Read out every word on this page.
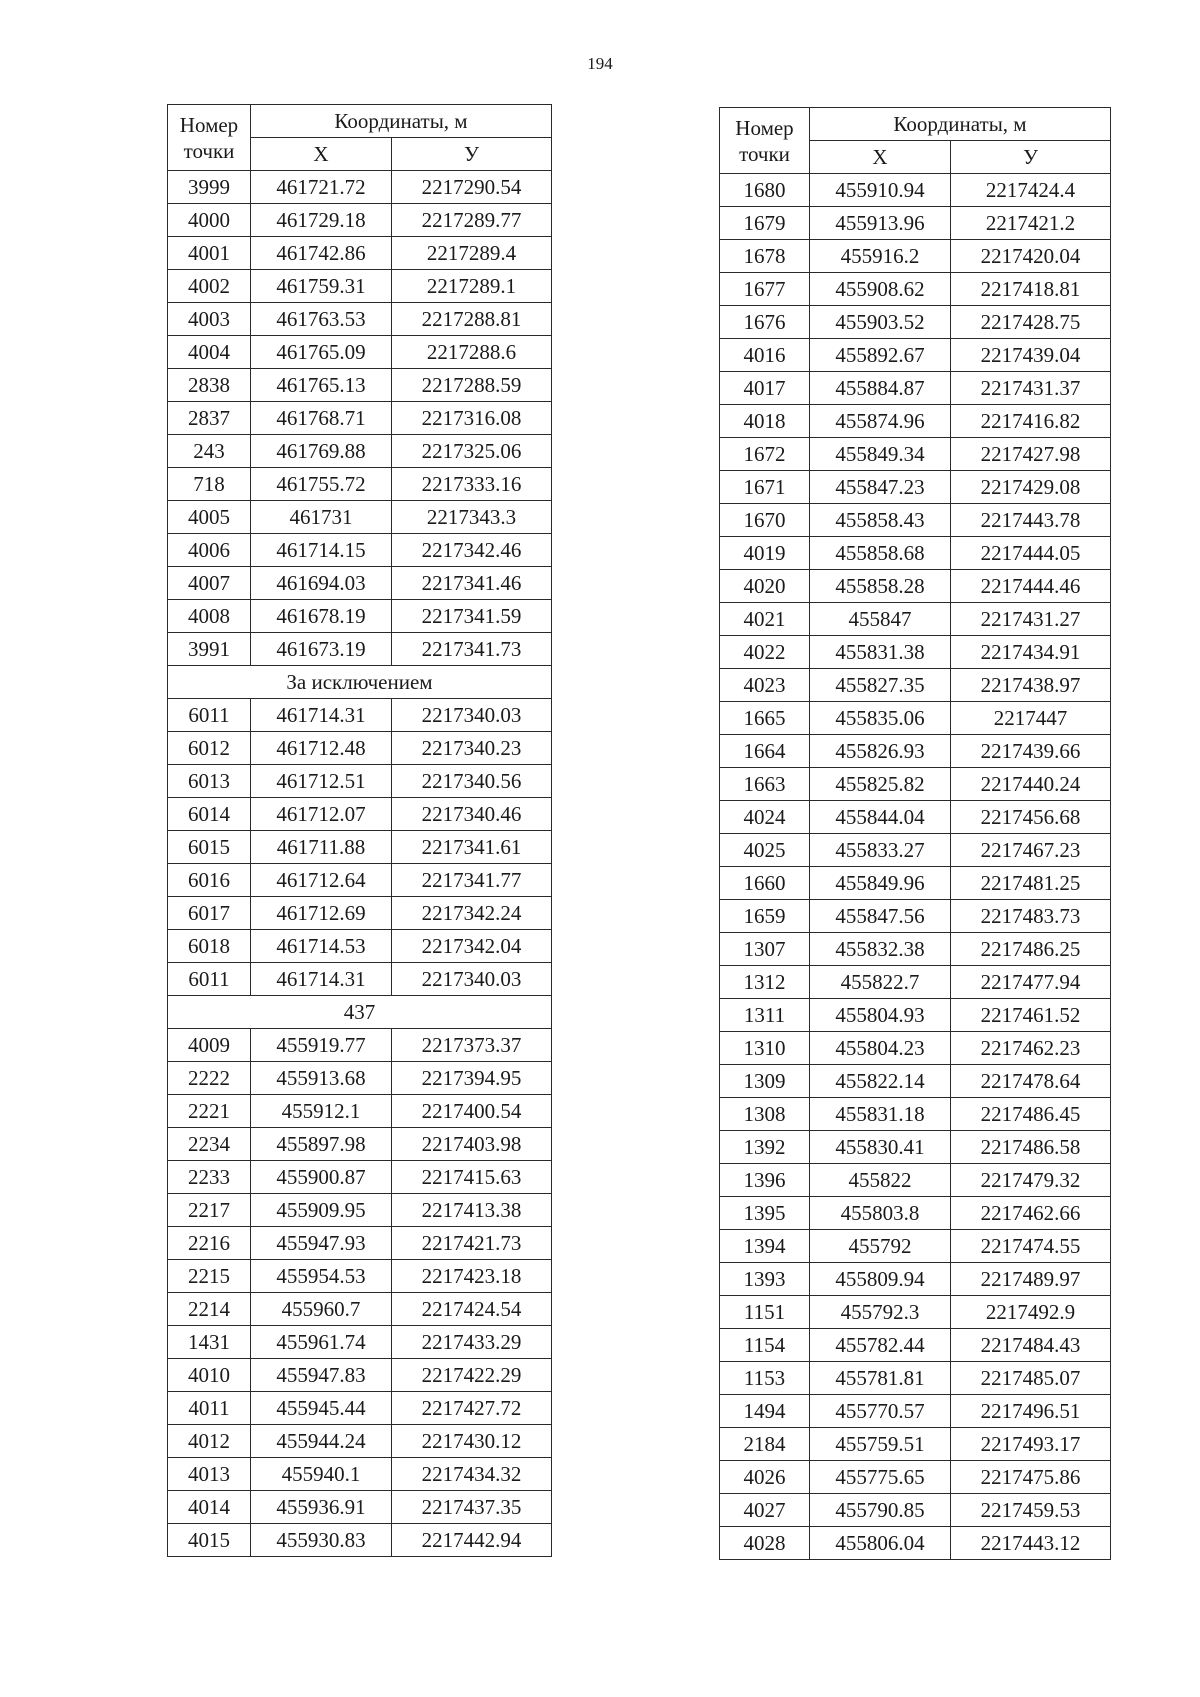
194
Номер точки	Координаты, м	
	X	У
3999	461721.72	2217290.54
4000	461729.18	2217289.77
4001	461742.86	2217289.4
4002	461759.31	2217289.1
4003	461763.53	2217288.81
4004	461765.09	2217288.6
2838	461765.13	2217288.59
2837	461768.71	2217316.08
243	461769.88	2217325.06
718	461755.72	2217333.16
4005	461731	2217343.3
4006	461714.15	2217342.46
4007	461694.03	2217341.46
4008	461678.19	2217341.59
3991	461673.19	2217341.73
За исключением		
6011	461714.31	2217340.03
6012	461712.48	2217340.23
6013	461712.51	2217340.56
6014	461712.07	2217340.46
6015	461711.88	2217341.61
6016	461712.64	2217341.77
6017	461712.69	2217342.24
6018	461714.53	2217342.04
6011	461714.31	2217340.03
437		
4009	455919.77	2217373.37
2222	455913.68	2217394.95
2221	455912.1	2217400.54
2234	455897.98	2217403.98
2233	455900.87	2217415.63
2217	455909.95	2217413.38
2216	455947.93	2217421.73
2215	455954.53	2217423.18
2214	455960.7	2217424.54
1431	455961.74	2217433.29
4010	455947.83	2217422.29
4011	455945.44	2217427.72
4012	455944.24	2217430.12
4013	455940.1	2217434.32
4014	455936.91	2217437.35
4015	455930.83	2217442.94
Номер точки	Координаты, м	
	X	У
1680	455910.94	2217424.4
1679	455913.96	2217421.2
1678	455916.2	2217420.04
1677	455908.62	2217418.81
1676	455903.52	2217428.75
4016	455892.67	2217439.04
4017	455884.87	2217431.37
4018	455874.96	2217416.82
1672	455849.34	2217427.98
1671	455847.23	2217429.08
1670	455858.43	2217443.78
4019	455858.68	2217444.05
4020	455858.28	2217444.46
4021	455847	2217431.27
4022	455831.38	2217434.91
4023	455827.35	2217438.97
1665	455835.06	2217447
1664	455826.93	2217439.66
1663	455825.82	2217440.24
4024	455844.04	2217456.68
4025	455833.27	2217467.23
1660	455849.96	2217481.25
1659	455847.56	2217483.73
1307	455832.38	2217486.25
1312	455822.7	2217477.94
1311	455804.93	2217461.52
1310	455804.23	2217462.23
1309	455822.14	2217478.64
1308	455831.18	2217486.45
1392	455830.41	2217486.58
1396	455822	2217479.32
1395	455803.8	2217462.66
1394	455792	2217474.55
1393	455809.94	2217489.97
1151	455792.3	2217492.9
1154	455782.44	2217484.43
1153	455781.81	2217485.07
1494	455770.57	2217496.51
2184	455759.51	2217493.17
4026	455775.65	2217475.86
4027	455790.85	2217459.53
4028	455806.04	2217443.12
